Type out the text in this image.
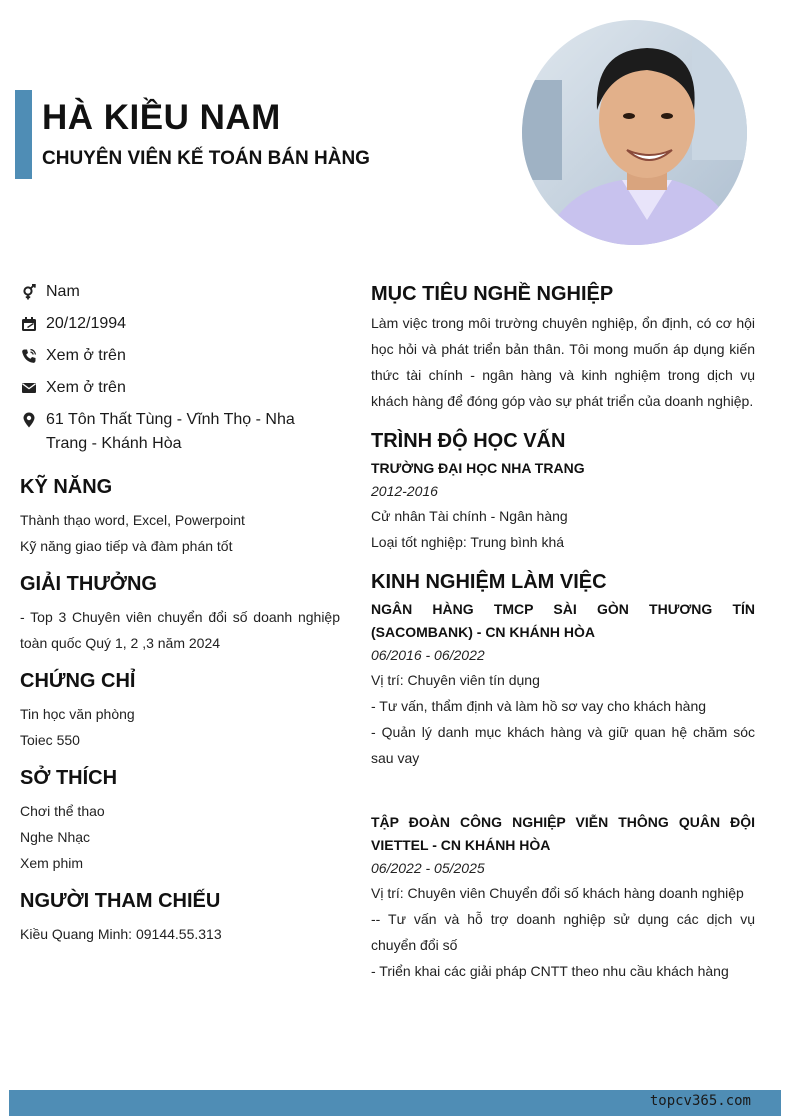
HÀ KIỀU NAM
CHUYÊN VIÊN KẾ TOÁN BÁN HÀNG
Nam
20/12/1994
Xem ở trên
Xem ở trên
61 Tôn Thất Tùng - Vĩnh Thọ - Nha Trang - Khánh Hòa
KỸ NĂNG
Thành thạo word, Excel, Powerpoint
Kỹ năng giao tiếp và đàm phán tốt
GIẢI THƯỞNG
- Top 3 Chuyên viên chuyển đổi số doanh nghiệp toàn quốc Quý 1, 2 ,3 năm 2024
CHỨNG CHỈ
Tin học văn phòng
Toiec 550
SỞ THÍCH
Chơi thể thao
Nghe Nhạc
Xem phim
NGƯỜI THAM CHIẾU
Kiều Quang Minh: 09144.55.313
MỤC TIÊU NGHỀ NGHIỆP
Làm việc trong môi trường chuyên nghiệp, ổn định, có cơ hội học hỏi và phát triển bản thân. Tôi mong muốn áp dụng kiến thức tài chính - ngân hàng và kinh nghiệm trong dịch vụ khách hàng để đóng góp vào sự phát triển của doanh nghiệp.
TRÌNH ĐỘ HỌC VẤN
TRƯỜNG ĐẠI HỌC NHA TRANG
2012-2016
Cử nhân Tài chính - Ngân hàng
Loại tốt nghiệp: Trung bình khá
KINH NGHIỆM LÀM VIỆC
NGÂN HÀNG TMCP SÀI GÒN THƯƠNG TÍN (SACOMBANK) - CN KHÁNH HÒA
06/2016 - 06/2022
Vị trí: Chuyên viên tín dụng
- Tư vấn, thẩm định và làm hồ sơ vay cho khách hàng
- Quản lý danh mục khách hàng và giữ quan hệ chăm sóc sau vay
TẬP ĐOÀN CÔNG NGHIỆP VIỄN THÔNG QUÂN ĐỘI VIETTEL - CN KHÁNH HÒA
06/2022 - 05/2025
Vị trí: Chuyên viên Chuyển đổi số khách hàng doanh nghiệp
-- Tư vấn và hỗ trợ doanh nghiệp sử dụng các dịch vụ chuyển đổi số
- Triển khai các giải pháp CNTT theo nhu cầu khách hàng
topcv365.com
